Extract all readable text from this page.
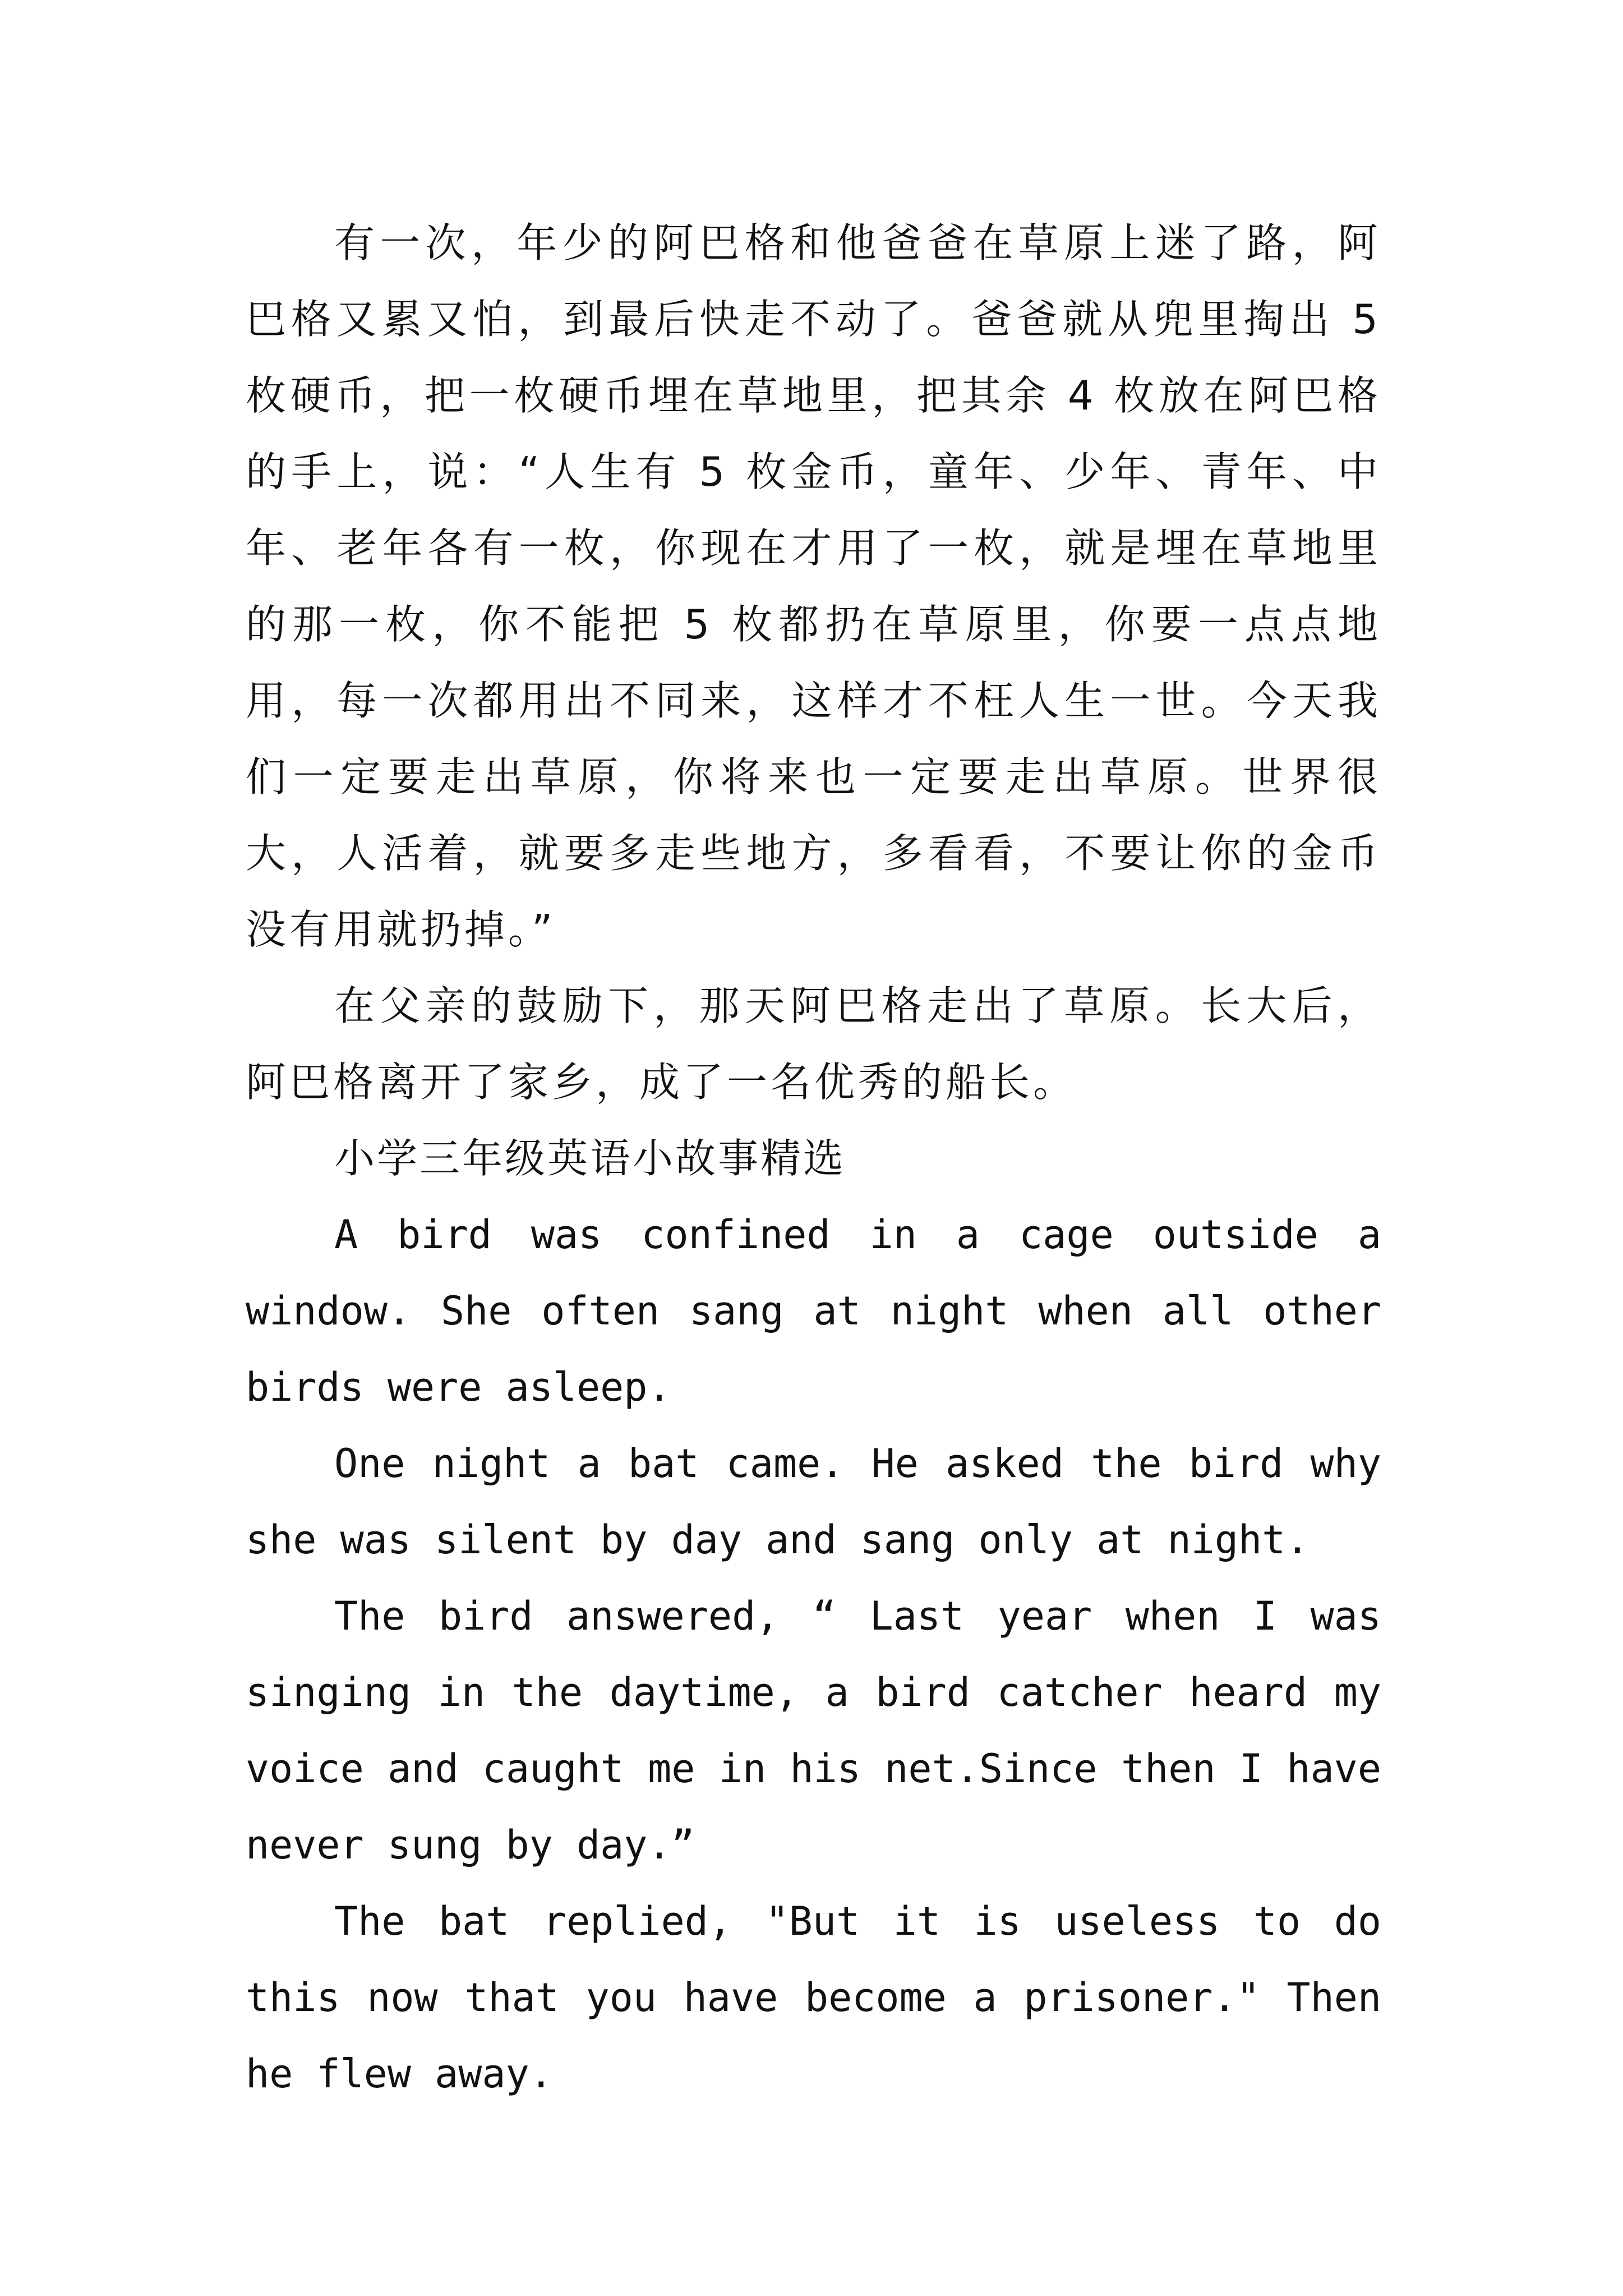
有一次，年少的阿巴格和他爸爸在草原上迷了路，阿巴格又累又怕，到最后快走不动了。爸爸就从兜里掏出 5 枚硬币，把一枚硬币埋在草地里，把其余 4 枚放在阿巴格的手上，说：“人生有 5 枚金币，童年、少年、青年、中年、老年各有一枚，你现在才用了一枚，就是埋在草地里的那一枚，你不能把 5 枚都扔在草原里，你要一点点地用，每一次都用出不同来，这样才不枉人生一世。今天我们一定要走出草原，你将来也一定要走出草原。世界很大，人活着，就要多走些地方，多看看，不要让你的金币没有用就扔掉。”

在父亲的鼓励下，那天阿巴格走出了草原。长大后，阿巴格离开了家乡，成了一名优秀的船长。

小学三年级英语小故事精选

A bird was confined in a cage outside a window. She often sang at night when all other birds were asleep.

One night a bat came. He asked the bird why she was silent by day and sang only at night.

The bird answered, “ Last year when I was singing in the daytime, a bird catcher heard my voice and caught me in his net.Since then I have never sung by day.”

The bat replied, "But it is useless to do this now that you have become a prisoner." Then he flew away.
